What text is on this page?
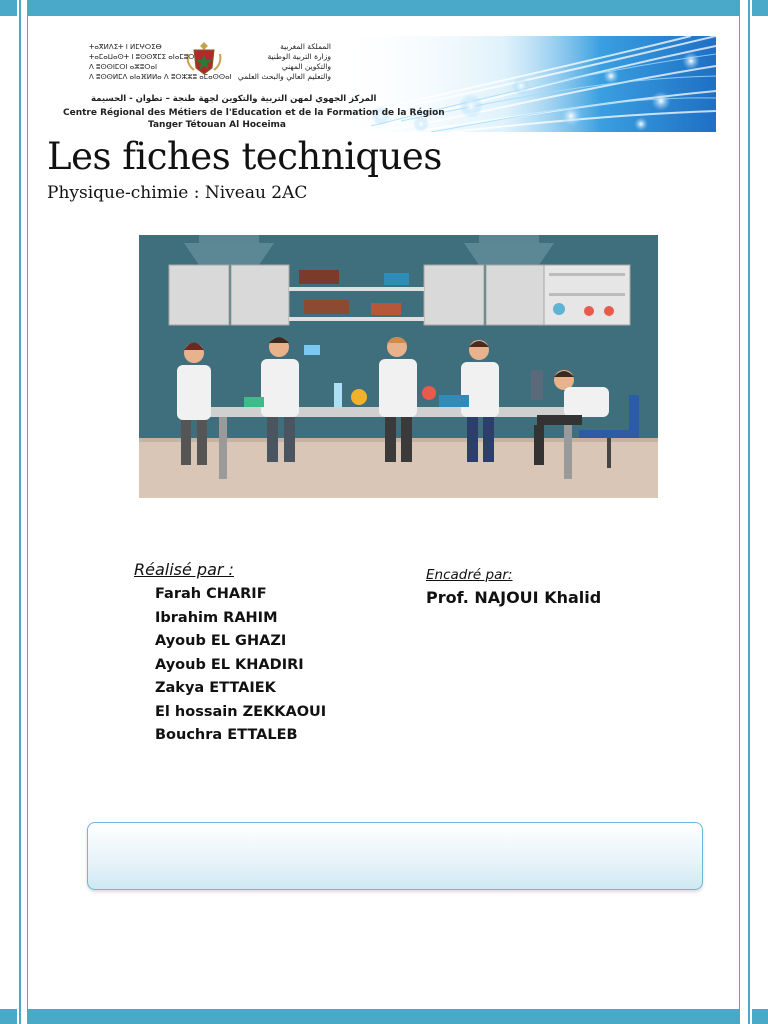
ⵜⴰⴳⵍⴷⵉⵜ ⵏ ⵍⵎⵖⵔⵉⴱ
ⵜⴰⵎⴰⵡⴰⵙⵜ ⵏ ⵓⵙⵙⴳⵎⵉ ⴰⵏⴰⵎⵓⵔ
ⴷ ⵓⵙⵙⵏⵎⵔⵏ ⴰⵣⵓⵔⴰⵏ
ⴷ ⵓⵙⵙⵍⵎⴷ ⴰⵏⴰⴼⵍⵍⴰ ⴷ ⵓⵔⵣⵣⵓ ⴰⵎⴰⵙⵙⴰⵏ
المملكة المغربية
وزارة التربية الوطنية
والتكوين المهني
والتعليم العالي والبحث العلمي
المركز الجهوي لمهن التربية والتكوين لجهة طنجة – تطوان - الحسيمة
Centre Régional des Métiers de l'Education et de la Formation de la Région
Tanger Tétouan Al Hoceima
Les fiches techniques
Physique-chimie : Niveau 2AC
Réalisé par :
Farah CHARIF
Ibrahim RAHIM
Ayoub EL GHAZI
Ayoub EL KHADIRI
Zakya ETTAIEK
El hossain ZEKKAOUI
Bouchra ETTALEB
Encadré par:
Prof. NAJOUI Khalid
